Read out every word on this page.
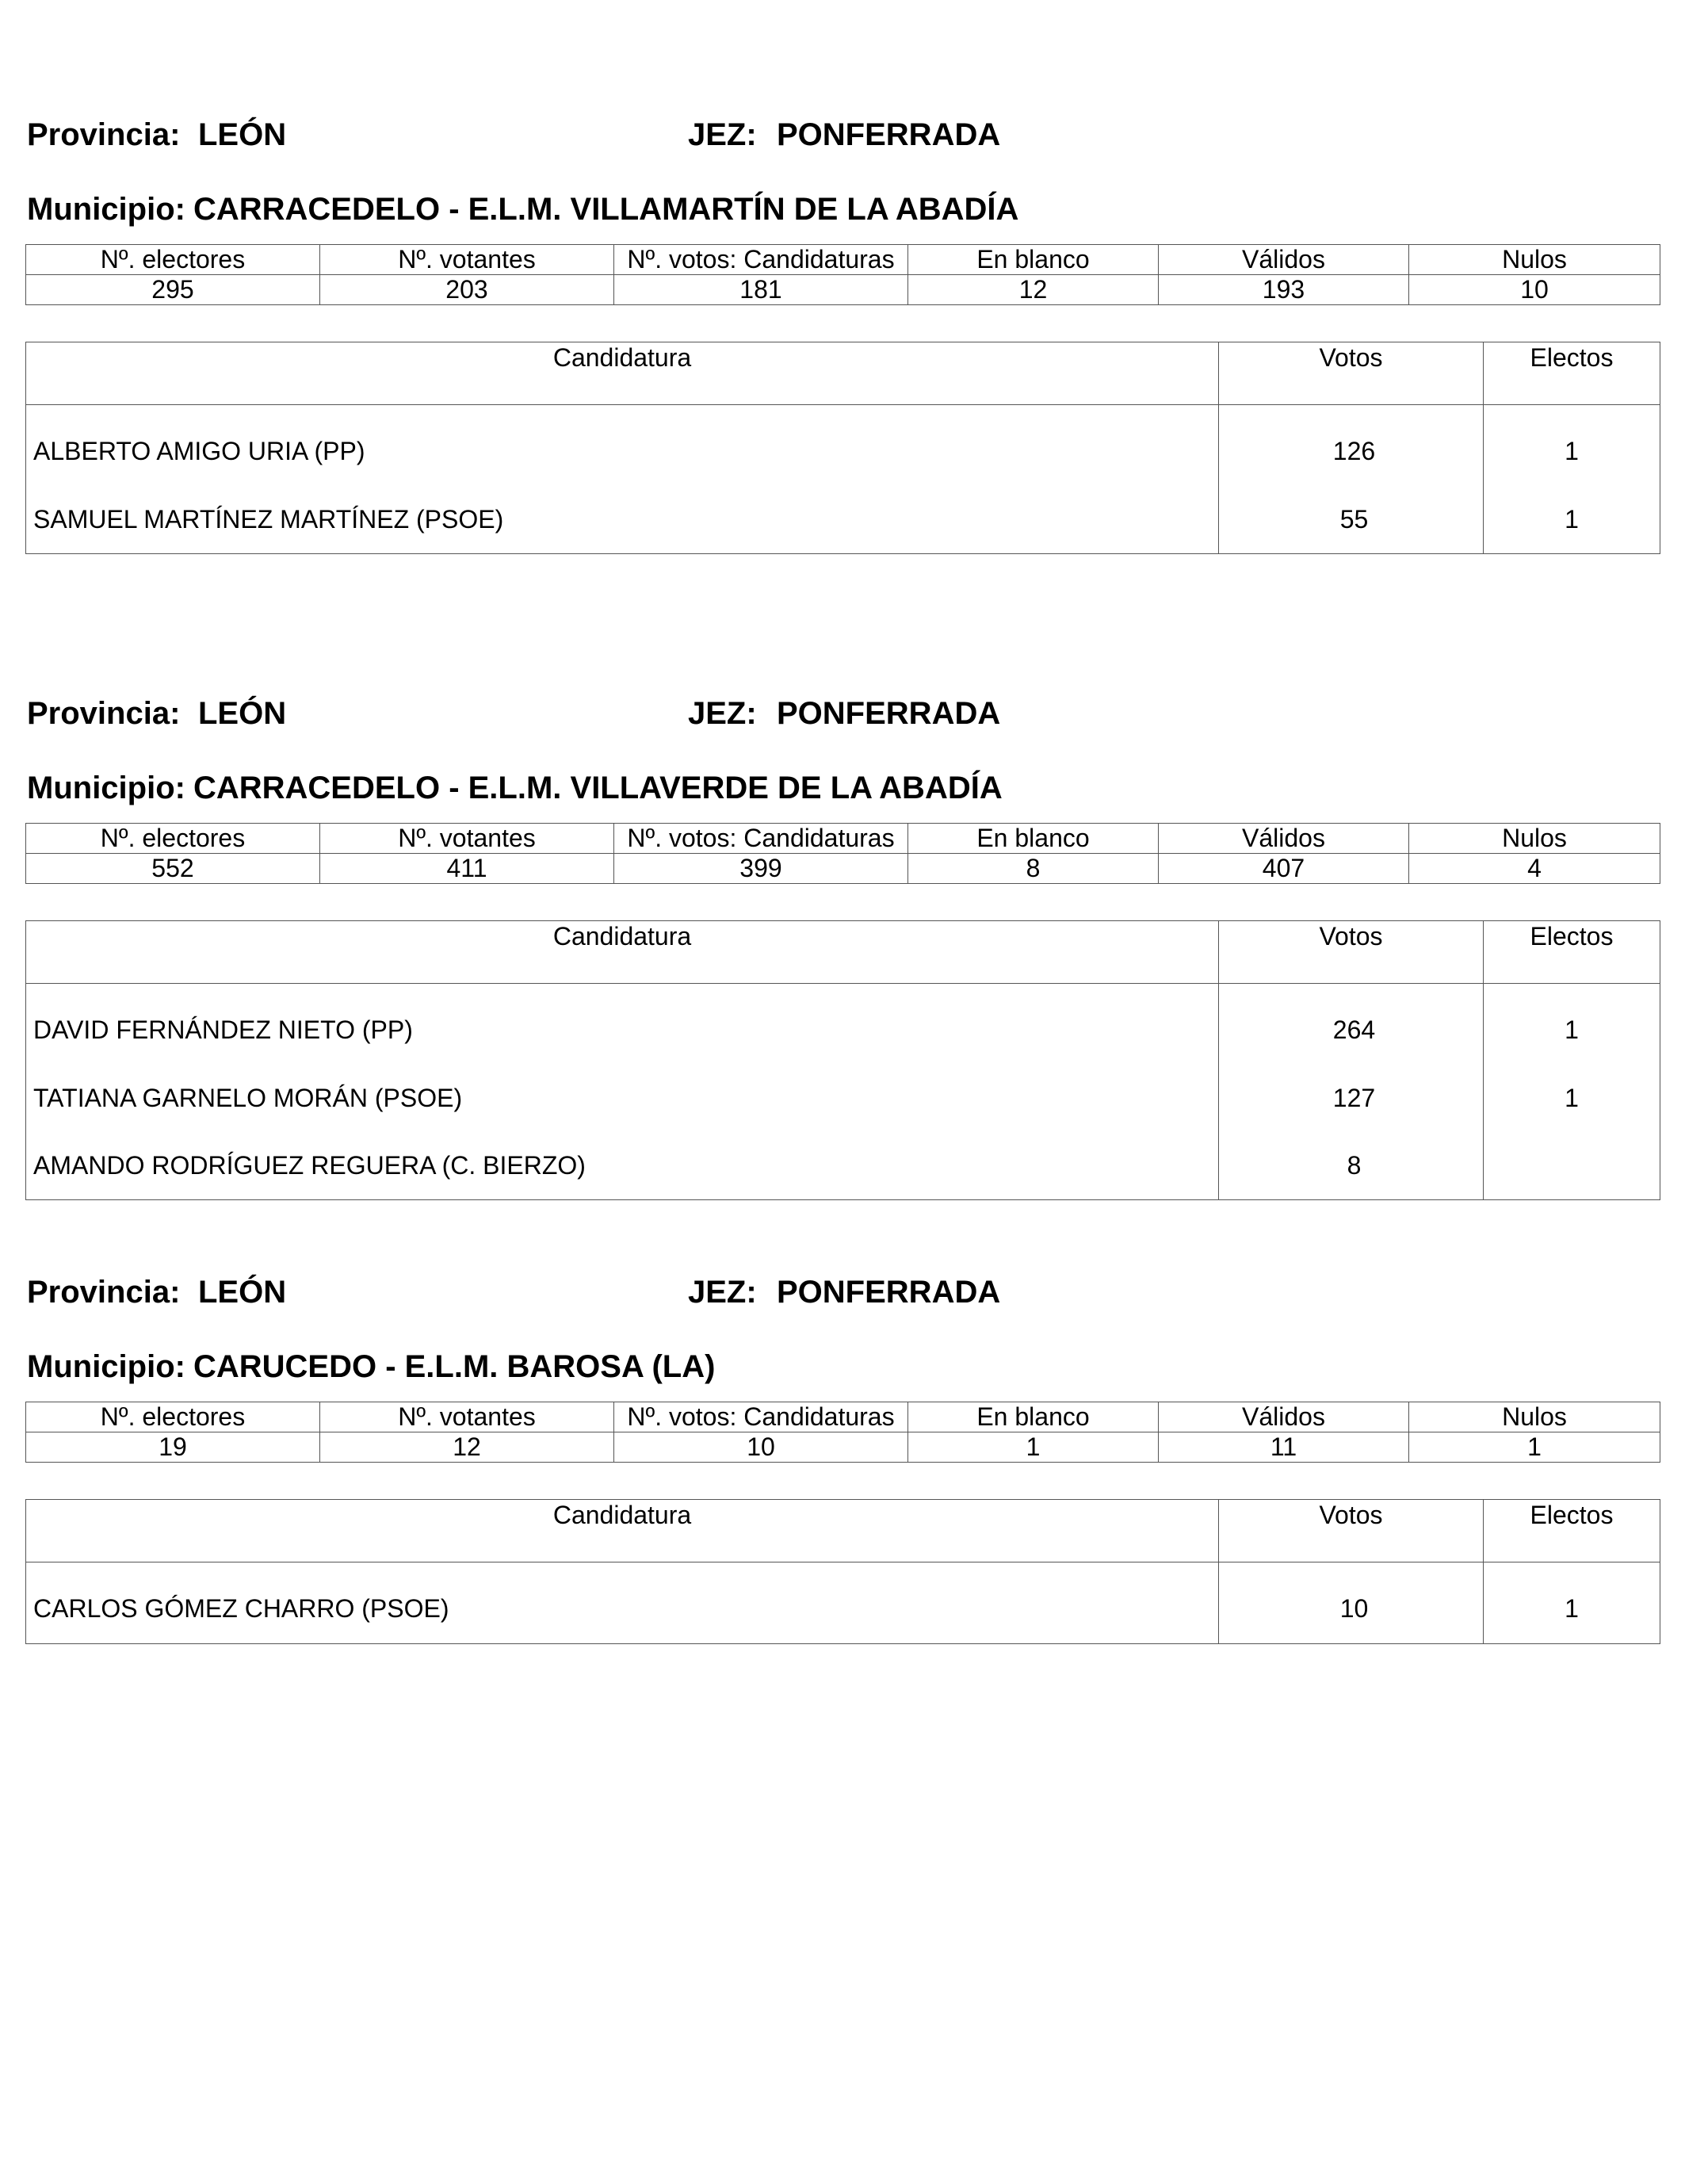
Provincia: LEÓN	JEZ: PONFERRADA
Municipio: CARRACEDELO - E.L.M. VILLAMARTÍN DE LA ABADÍA
Nº. electores	Nº. votantes	Nº. votos: Candidaturas	En blanco	Válidos	Nulos
295	203	181	12	193	10
Candidatura	Votos	Electos
ALBERTO AMIGO URIA (PP)	126	1
SAMUEL MARTÍNEZ MARTÍNEZ (PSOE)	55	1
Provincia: LEÓN	JEZ: PONFERRADA
Municipio: CARRACEDELO - E.L.M. VILLAVERDE DE LA ABADÍA
Nº. electores	Nº. votantes	Nº. votos: Candidaturas	En blanco	Válidos	Nulos
552	411	399	8	407	4
Candidatura	Votos	Electos
DAVID FERNÁNDEZ NIETO (PP)	264	1
TATIANA GARNELO MORÁN (PSOE)	127	1
AMANDO RODRÍGUEZ REGUERA (C. BIERZO)	8	
Provincia: LEÓN	JEZ: PONFERRADA
Municipio: CARUCEDO - E.L.M. BAROSA (LA)
Nº. electores	Nº. votantes	Nº. votos: Candidaturas	En blanco	Válidos	Nulos
19	12	10	1	11	1
Candidatura	Votos	Electos
CARLOS GÓMEZ CHARRO (PSOE)	10	1
